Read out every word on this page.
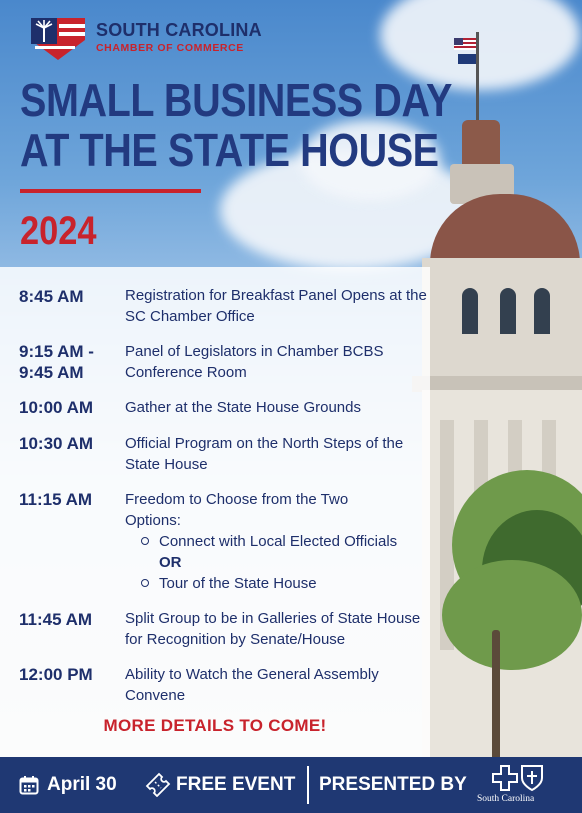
SOUTH CAROLINA
CHAMBER OF COMMERCE
SMALL BUSINESS DAY
AT THE STATE HOUSE
2024
8:45 AM	Registration for Breakfast Panel Opens at the SC Chamber Office
9:15 AM -
9:45 AM
Panel of Legislators in Chamber BCBS Conference Room
10:00 AM Gather at the State House Grounds
10:30 AM Official Program on the North Steps of the State House
11:15 AM Freedom to Choose from the Two Options:
Connect with Local Elected Officials OR
Tour of the State House
11:45 AM Split Group to be in Galleries of State House for Recognition by Senate/House
12:00 PM Ability to Watch the General Assembly Convene
MORE DETAILS TO COME!
April 30	FREE EVENT PRESENTED BY
South Carolina
